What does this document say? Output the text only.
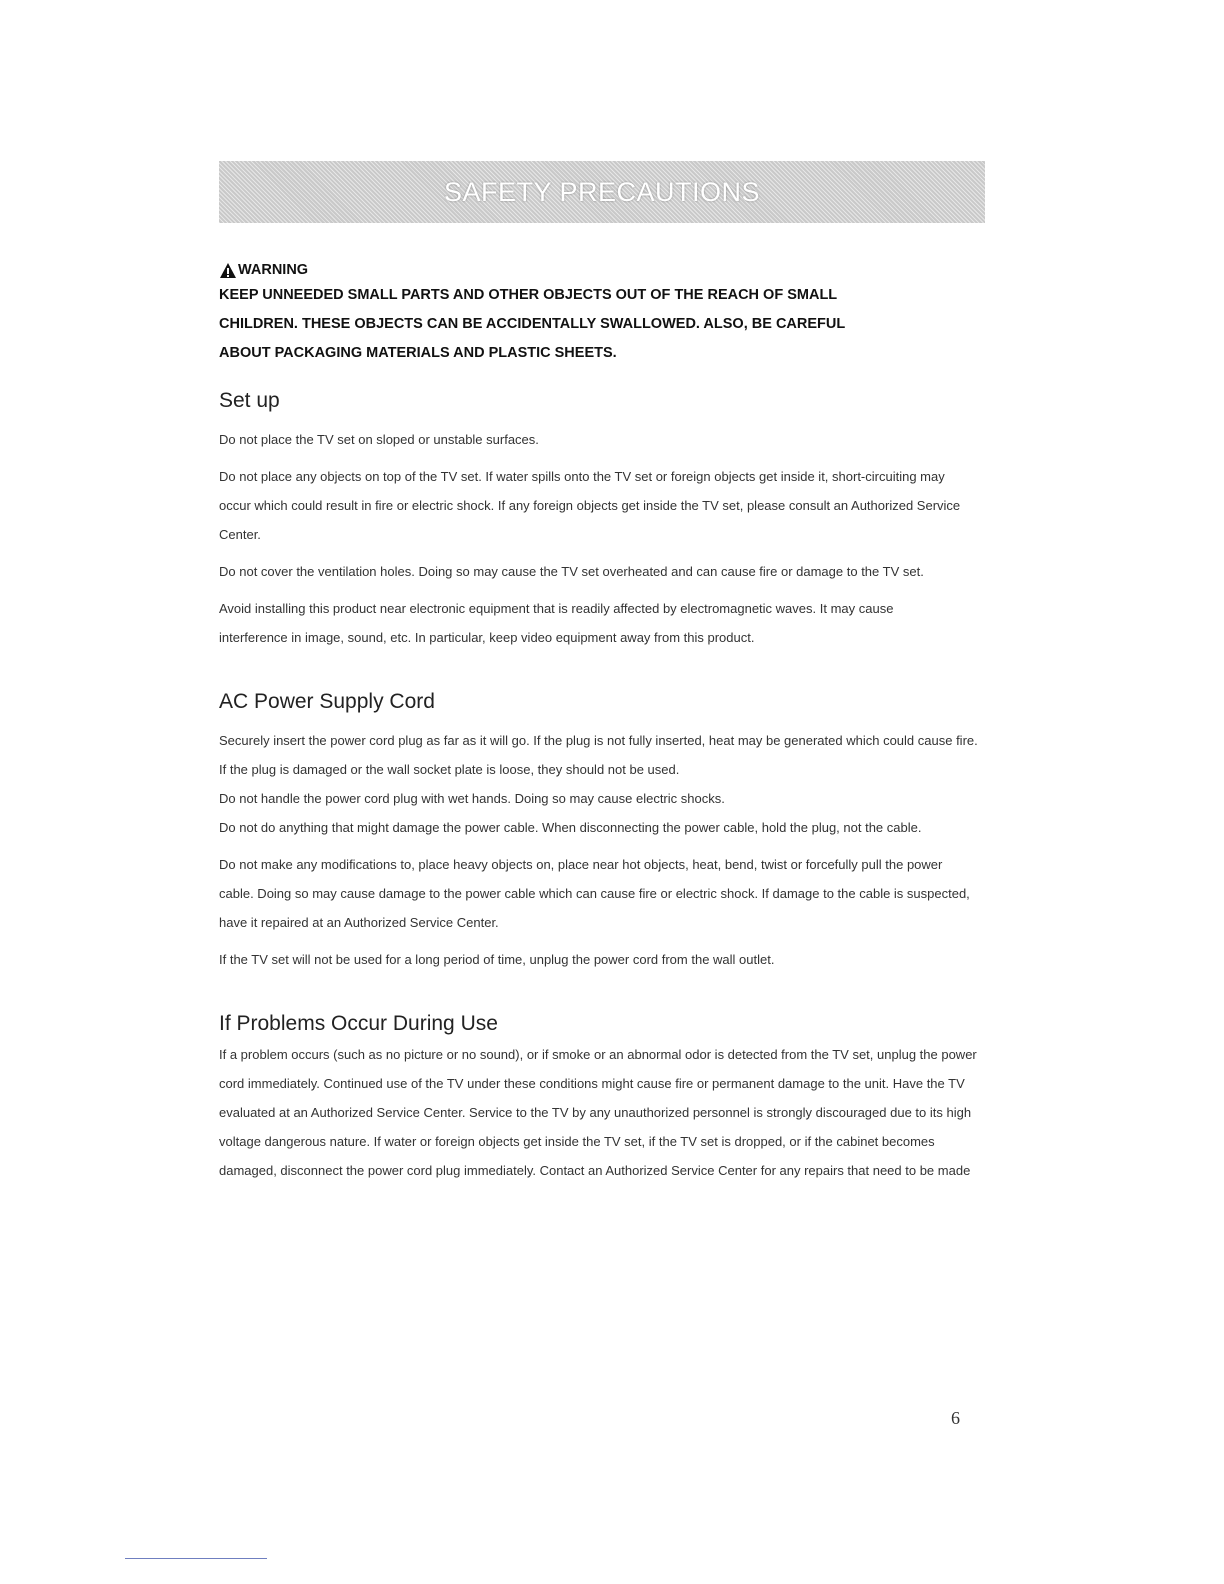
SAFETY PRECAUTIONS
WARNING
KEEP UNNEEDED SMALL PARTS AND OTHER OBJECTS OUT OF THE REACH OF SMALL
CHILDREN. THESE OBJECTS CAN BE ACCIDENTALLY SWALLOWED. ALSO, BE CAREFUL
ABOUT PACKAGING MATERIALS AND PLASTIC SHEETS.
Set up

Do not place the TV set on sloped or unstable surfaces.

Do not place any objects on top of the TV set. If water spills onto the TV set or foreign objects get inside it, short-circuiting may occur which could result in fire or electric shock. If any foreign objects get inside the TV set, please consult an Authorized Service Center.

Do not cover the ventilation holes. Doing so may cause the TV set overheated and can cause fire or damage to the TV set.

Avoid installing this product near electronic equipment that is readily affected by electromagnetic waves. It may cause interference in image, sound, etc. In particular, keep video equipment away from this product.

AC Power Supply Cord

Securely insert the power cord plug as far as it will go. If the plug is not fully inserted, heat may be generated which could cause fire. If the plug is damaged or the wall socket plate is loose, they should not be used.

Do not handle the power cord plug with wet hands. Doing so may cause electric shocks.

Do not do anything that might damage the power cable. When disconnecting the power cable, hold the plug, not the cable.

Do not make any modifications to, place heavy objects on, place near hot objects, heat, bend, twist or forcefully pull the power cable. Doing so may cause damage to the power cable which can cause fire or electric shock. If damage to the cable is suspected, have it repaired at an Authorized Service Center.

If the TV set will not be used for a long period of time, unplug the power cord from the wall outlet.

If Problems Occur During Use

If a problem occurs (such as no picture or no sound), or if smoke or an abnormal odor is detected from the TV set, unplug the power cord immediately. Continued use of the TV under these conditions might cause fire or permanent damage to the unit. Have the TV evaluated at an Authorized Service Center. Service to the TV by any unauthorized personnel is strongly discouraged due to its high voltage dangerous nature. If water or foreign objects get inside the TV set, if the TV set is dropped, or if the cabinet becomes damaged, disconnect the power cord plug immediately. Contact an Authorized Service Center for any repairs that need to be made

6
